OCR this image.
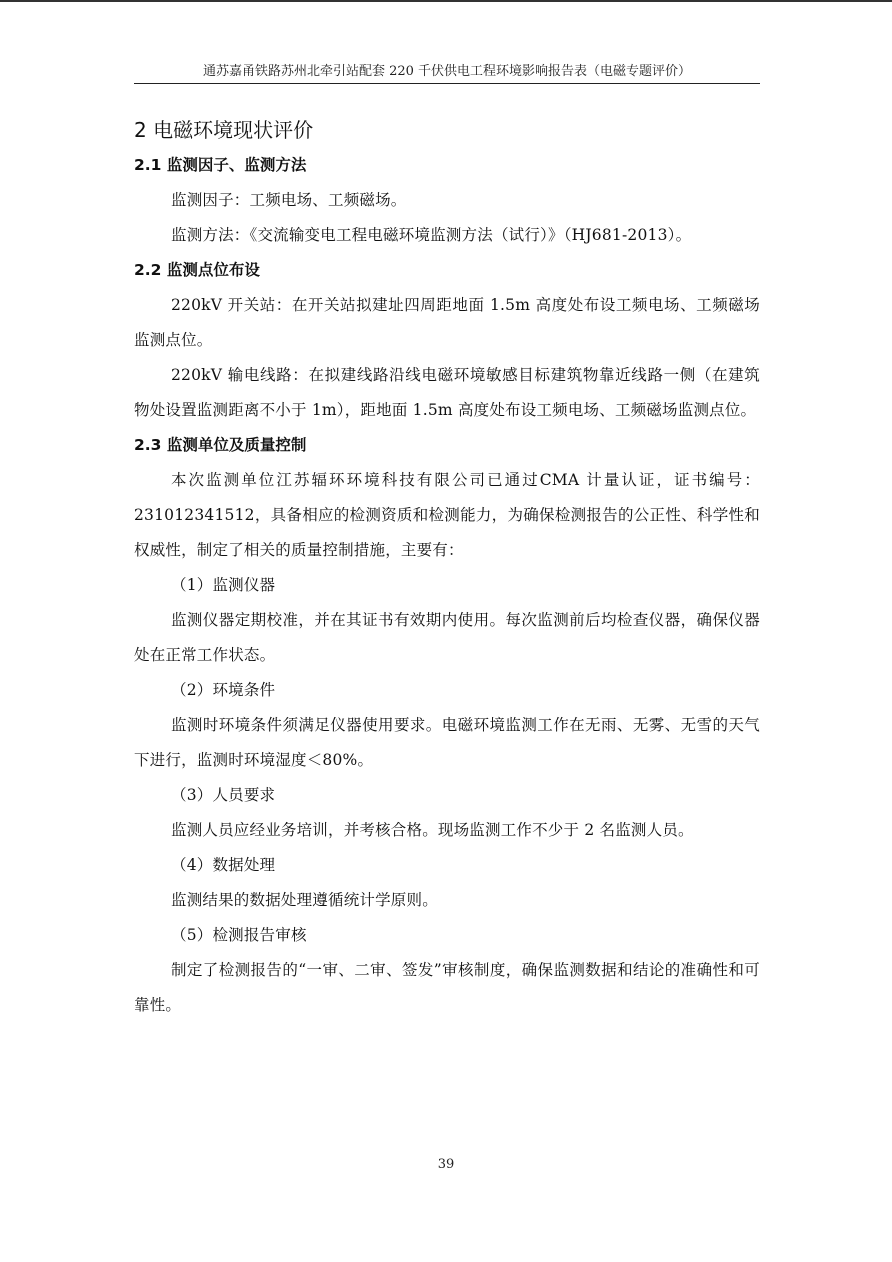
通苏嘉甬铁路苏州北牵引站配套 220 千伏供电工程环境影响报告表（电磁专题评价）
2 电磁环境现状评价
2.1 监测因子、监测方法

监测因子：工频电场、工频磁场。

监测方法：《交流输变电工程电磁环境监测方法（试行）》（HJ681-2013）。

2.2 监测点位布设

220kV 开关站：在开关站拟建址四周距地面 1.5m 高度处布设工频电场、工频磁场监测点位。

220kV 输电线路：在拟建线路沿线电磁环境敏感目标建筑物靠近线路一侧（在建筑物处设置监测距离不小于 1m），距地面 1.5m 高度处布设工频电场、工频磁场监测点位。

2.3 监测单位及质量控制

本次监测单位江苏辐环环境科技有限公司已通过CMA 计量认证，证书编号：231012341512，具备相应的检测资质和检测能力，为确保检测报告的公正性、科学性和权威性，制定了相关的质量控制措施，主要有：

（1）监测仪器

监测仪器定期校准，并在其证书有效期内使用。每次监测前后均检查仪器，确保仪器处在正常工作状态。

（2）环境条件

监测时环境条件须满足仪器使用要求。电磁环境监测工作在无雨、无雾、无雪的天气下进行，监测时环境湿度＜80%。

（3）人员要求

监测人员应经业务培训，并考核合格。现场监测工作不少于 2 名监测人员。

（4）数据处理

监测结果的数据处理遵循统计学原则。

（5）检测报告审核

制定了检测报告的“一审、二审、签发”审核制度，确保监测数据和结论的准确性和可靠性。

39
